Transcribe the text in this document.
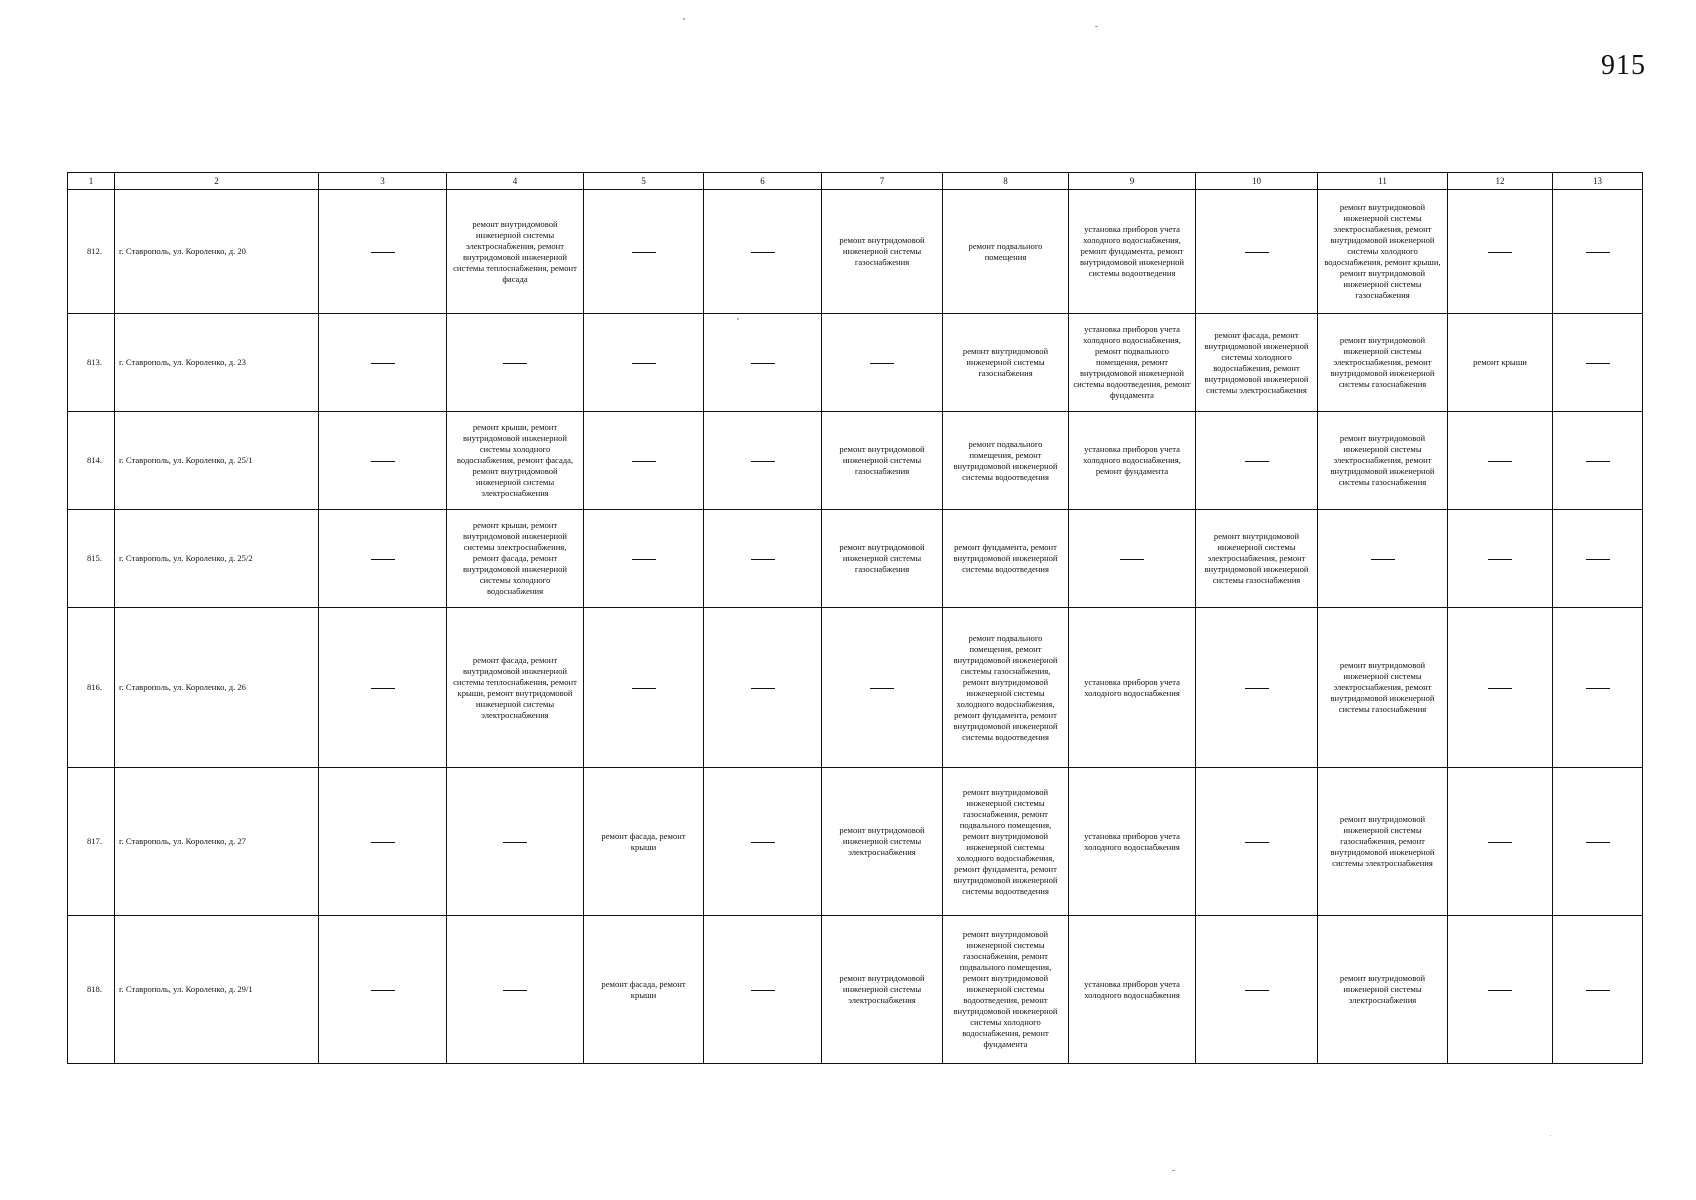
915
1	2	3	4	5	6	7	8	9	10	11	12	13
812.	г. Ставрополь, ул. Короленко, д. 20		ремонт внутридомовой инженерной системы электроснабжения, ремонт внутридомовой инженерной системы теплоснабжения, ремонт фасада			ремонт внутридомовой инженерной системы газоснабжения	ремонт подвального помещения	установка приборов учета холодного водоснабжения, ремонт фундамента, ремонт внутридомовой инженерной системы водоотведения		ремонт внутридомовой инженерной системы электроснабжения, ремонт внутридомовой инженерной системы холодного водоснабжения, ремонт крыши, ремонт внутридомовой инженерной системы газоснабжения		
813.	г. Ставрополь, ул. Короленко, д. 23						ремонт внутридомовой инженерной системы газоснабжения	установка приборов учета холодного водоснабжения, ремонт подвального помещения, ремонт внутридомовой инженерной системы водоотведения, ремонт фундамента	ремонт фасада, ремонт внутридомовой инженерной системы холодного водоснабжения, ремонт внутридомовой инженерной системы электроснабжения	ремонт внутридомовой инженерной системы электроснабжения, ремонт внутридомовой инженерной системы газоснабжения	ремонт крыши	
814.	г. Ставрополь, ул. Короленко, д. 25/1		ремонт крыши, ремонт внутридомовой инженерной системы холодного водоснабжения, ремонт фасада, ремонт внутридомовой инженерной системы электроснабжения			ремонт внутридомовой инженерной системы газоснабжения	ремонт подвального помещения, ремонт внутридомовой инженерной системы водоотведения	установка приборов учета холодного водоснабжения, ремонт фундамента		ремонт внутридомовой инженерной системы электроснабжения, ремонт внутридомовой инженерной системы газоснабжения		
815.	г. Ставрополь, ул. Короленко, д. 25/2		ремонт крыши, ремонт внутридомовой инженерной системы электроснабжения, ремонт фасада, ремонт внутридомовой инженерной системы холодного водоснабжения			ремонт внутридомовой инженерной системы газоснабжения	ремонт фундамента, ремонт внутридомовой инженерной системы водоотведения		ремонт внутридомовой инженерной системы электроснабжения, ремонт внутридомовой инженерной системы газоснабжения			
816.	г. Ставрополь, ул. Короленко, д. 26		ремонт фасада, ремонт внутридомовой инженерной системы теплоснабжения, ремонт крыши, ремонт внутридомовой инженерной системы электроснабжения				ремонт подвального помещения, ремонт внутридомовой инженерной системы газоснабжения, ремонт внутридомовой инженерной системы холодного водоснабжения, ремонт фундамента, ремонт внутридомовой инженерной системы водоотведения	установка приборов учета холодного водоснабжения		ремонт внутридомовой инженерной системы электроснабжения, ремонт внутридомовой инженерной системы газоснабжения		
817.	г. Ставрополь, ул. Короленко, д. 27			ремонт фасада, ремонт крыши		ремонт внутридомовой инженерной системы электроснабжения	ремонт внутридомовой инженерной системы газоснабжения, ремонт подвального помещения, ремонт внутридомовой инженерной системы холодного водоснабжения, ремонт фундамента, ремонт внутридомовой инженерной системы водоотведения	установка приборов учета холодного водоснабжения		ремонт внутридомовой инженерной системы газоснабжения, ремонт внутридомовой инженерной системы электроснабжения		
818.	г. Ставрополь, ул. Короленко, д. 29/1			ремонт фасада, ремонт крыши		ремонт внутридомовой инженерной системы электроснабжения	ремонт внутридомовой инженерной системы газоснабжения, ремонт подвального помещения, ремонт внутридомовой инженерной системы водоотведения, ремонт внутридомовой инженерной системы холодного водоснабжения, ремонт фундамента	установка приборов учета холодного водоснабжения		ремонт внутридомовой инженерной системы электроснабжения		
